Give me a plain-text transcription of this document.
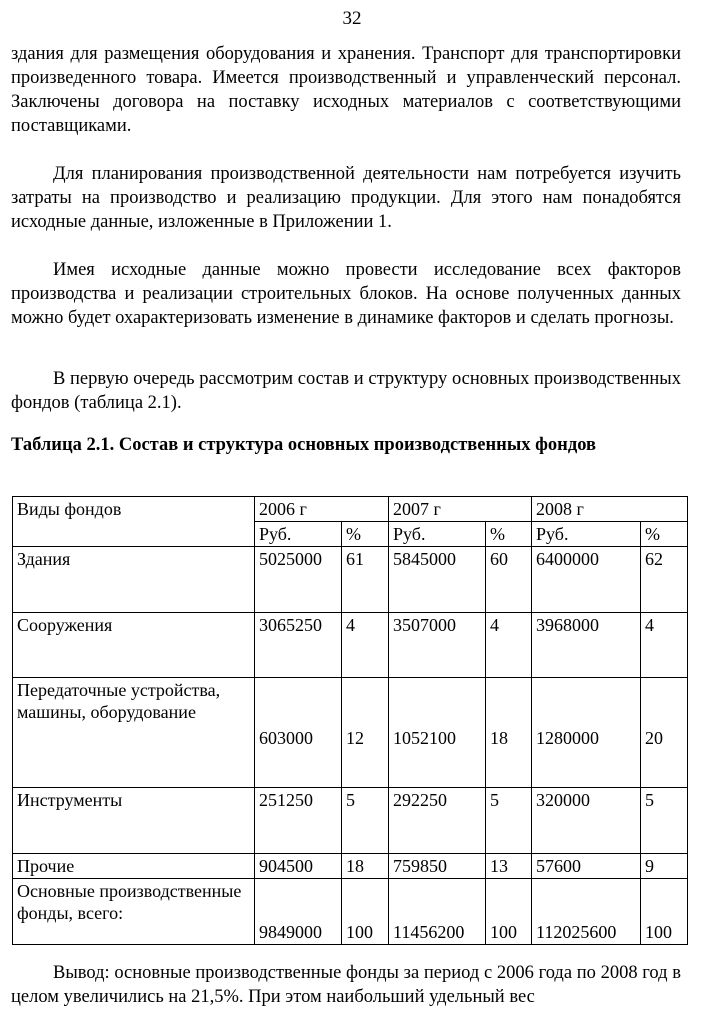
32

здания для размещения оборудования и хранения. Транспорт для транспортировки произведенного товара. Имеется производственный и управленческий персонал. Заключены договора на поставку исходных материалов с соответствующими поставщиками.

Для планирования производственной деятельности нам потребуется изучить затраты на производство и реализацию продукции. Для этого нам понадобятся исходные данные, изложенные в Приложении 1.

Имея исходные данные можно провести исследование всех факторов производства и реализации строительных блоков. На основе полученных данных можно будет охарактеризовать изменение в динамике факторов и сделать прогнозы.

В первую очередь рассмотрим состав и структуру основных производственных фондов (таблица 2.1).

Таблица 2.1. Состав и структура основных производственных фондов
Виды фондов	2006 г		2007 г		2008 г	
	Руб.	%	Руб.	%	Руб.	%
Здания	5025000	61	5845000	60	6400000	62
Сооружения	3065250	4	3507000	4	3968000	4
Передаточные устройства, машины, оборудование	603000	12	1052100	18	1280000	20
Инструменты	251250	5	292250	5	320000	5
Прочие	904500	18	759850	13	57600	9
Основные производственные фонды, всего:	9849000	100	11456200	100	112025600	100

Вывод: основные производственные фонды за период с 2006 года по 2008 год в целом увеличились на 21,5%. При этом наибольший удельный вес
